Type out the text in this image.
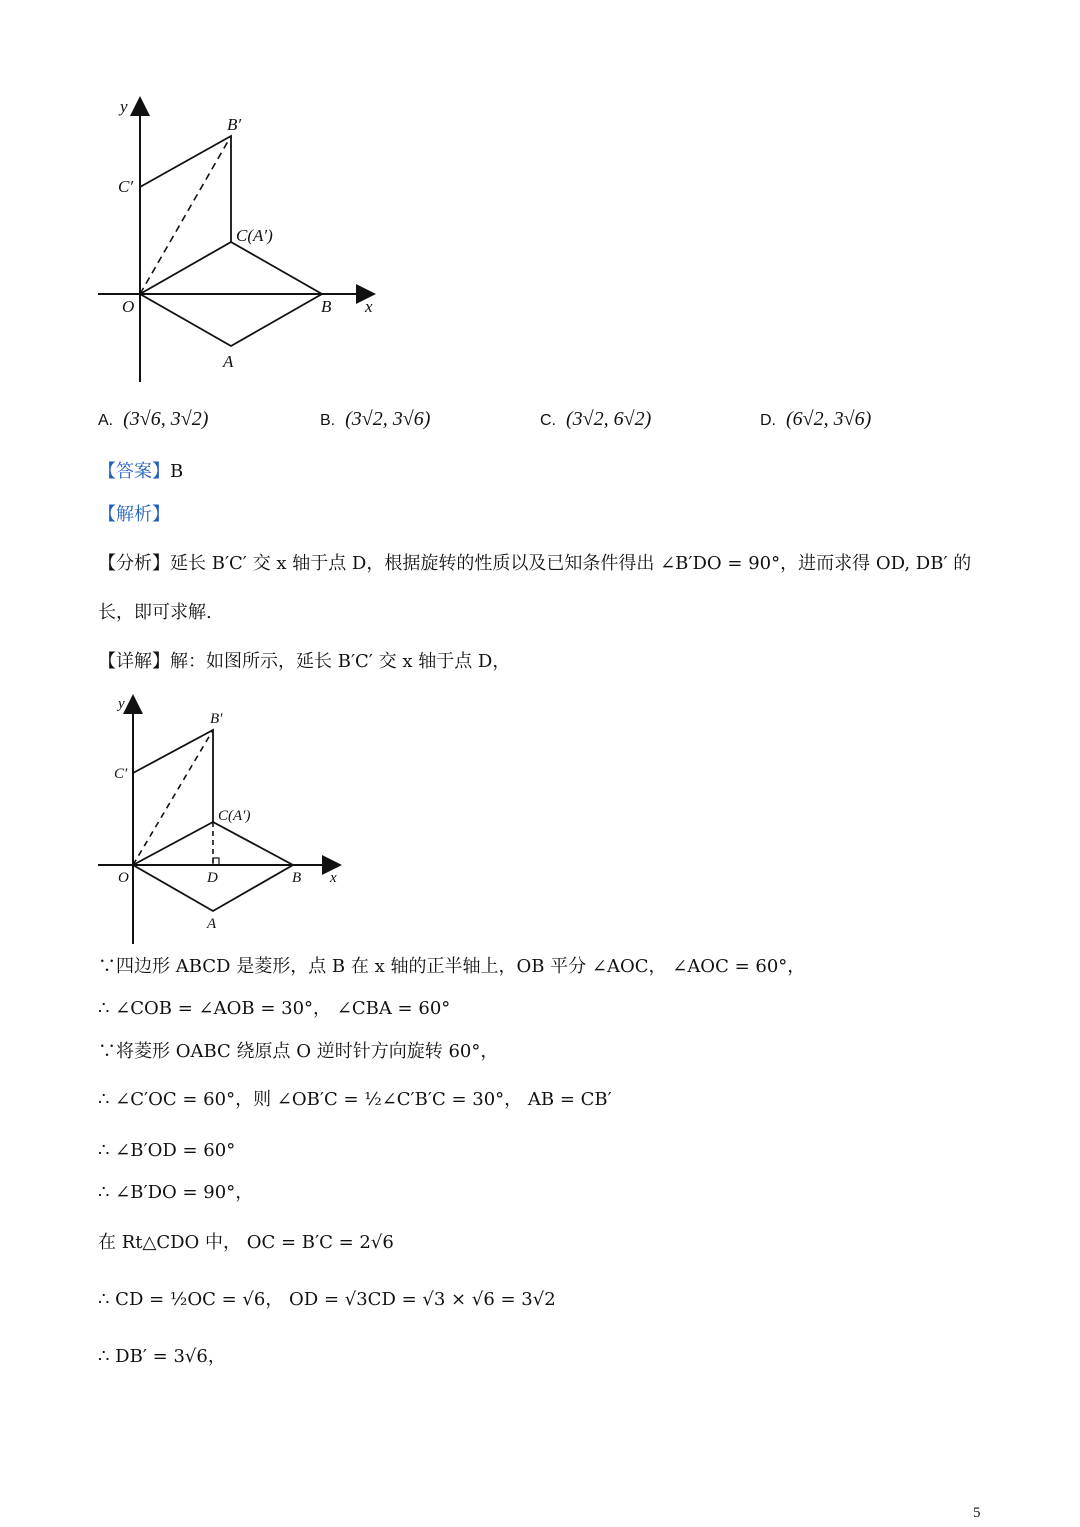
y
x
O	B
A
C(A′)
B′
C′
A. (3√6, 3√2)	B. (3√2, 3√6)	C. (3√2, 6√2)	D. (6√2, 3√6)
【答案】B
【解析】
【分析】延长 B′C′ 交 x 轴于点 D，根据旋转的性质以及已知条件得出 ∠B′DO = 90°，进而求得 OD, DB′ 的
长，即可求解.
【详解】解：如图所示，延长 B′C′ 交 x 轴于点 D，
y
x
O	D	B
A
C(A′)
B′
C′
∵四边形 ABCD 是菱形，点 B 在 x 轴的正半轴上，OB 平分 ∠AOC， ∠AOC = 60°，
∴ ∠COB = ∠AOB = 30°， ∠CBA = 60°
∵将菱形 OABC 绕原点 O 逆时针方向旋转 60°，
∴ ∠C′OC = 60°，则 ∠OB′C = ½∠C′B′C = 30°， AB = CB′
∴ ∠B′OD = 60°
∴ ∠B′DO = 90°，
在 Rt△CDO 中， OC = B′C = 2√6
∴ CD = ½OC = √6， OD = √3CD = √3 × √6 = 3√2
∴ DB′ = 3√6，
5
